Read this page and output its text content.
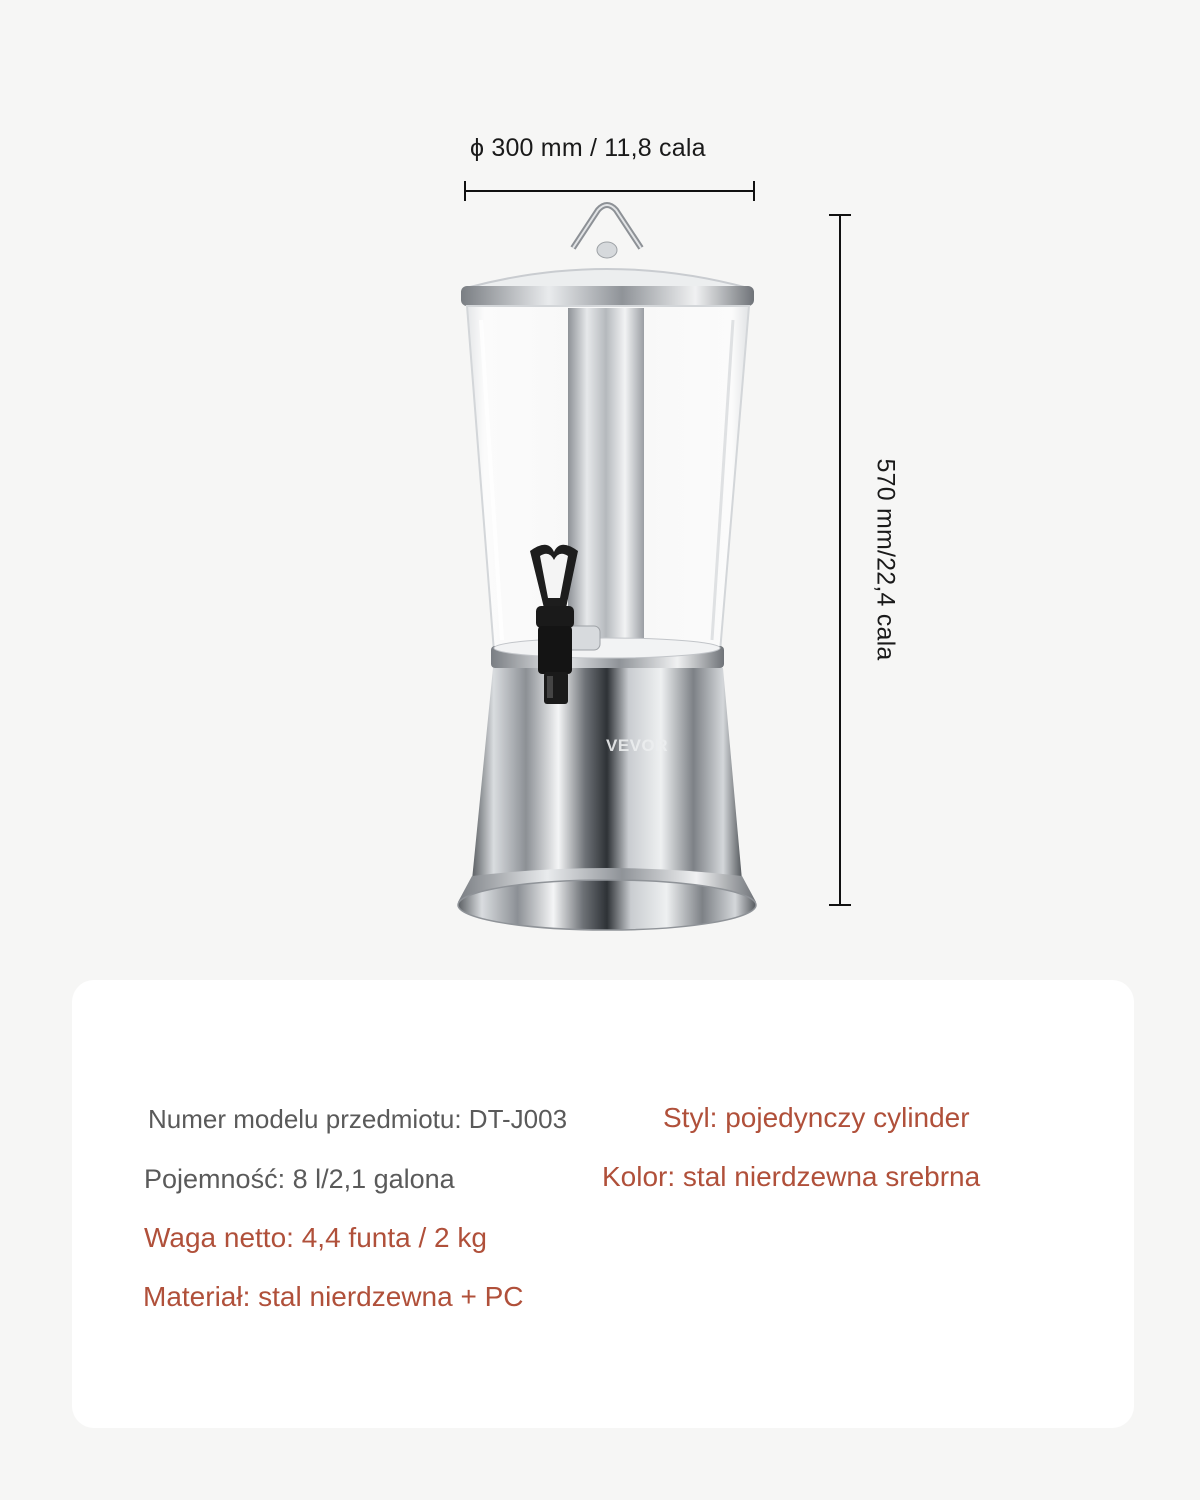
VEVOR
ϕ 300 mm / 11,8 cala
570 mm/22,4 cala
Numer modelu przedmiotu: DT-J003	Styl: pojedynczy cylinder
Pojemność: 8 l/2,1 galona	Kolor: stal nierdzewna srebrna
Waga netto: 4,4 funta / 2 kg
Materiał: stal nierdzewna + PC
